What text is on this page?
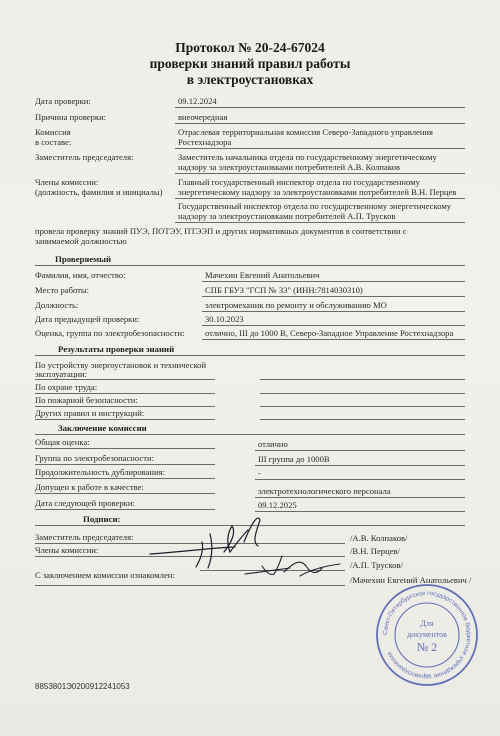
Протокол № 20-24-67024
проверки знаний правил работы
в электроустановках
Дата проверки:	09.12.2024
Причина проверки:	внеочередная
Комиссия
в составе:
Отраслевая территориальная комиссия Северо-Западного управления
Ростехнадзора
Заместитель председателя:	Заместитель начальника отдела по государственному энергетическому
надзору за электроустановками потребителей А.В. Колпаков
Члены комиссии:
(должность, фамилия и инициалы)
Главный государственный инспектор отдела по государственному
энергетическому надзору за электроустановками потребителей В.Н. Перцев
Государственный инспектор отдела по государственному энергетическому
надзору за электроустановками потребителей А.П. Трусков
провела проверку знаний ПУЭ, ПОТЭУ, ПТЭЭП и других нормативных документов в соответствии с
занимаемой должностью
Проверяемый
Фамилия, имя, отчество:	Мачехин Евгений Анатольевич
Место работы:	СПБ ГБУЗ "ГСП № 33" (ИНН:7814030310)
Должность:	электромеханик по ремонту и обслуживанию МО
Дата предыдущей проверки:	30.10.2023
Оценка, группа по электробезопасности: отлично, III до 1000 В, Северо-Западное Управление Ростехнадзора
Результаты проверки знаний
По устройству энергоустановок и технической
эксплуатации:
По охране труда:
По пожарной безопасности:
Других правил и инструкций:
Заключение комиссии
Общая оценка:	отлично
Группа по электробезопасности:	III группа до 1000В
Продолжительность дублирования:	-
Допущен к работе в качестве:	электротехнологического персонала
Дата следующей проверки:	09.12.2025
Подписи:
Заместитель председателя:	/А.В. Колпаков/
Члены комиссии:	/В.Н. Перцев/
/А.П. Трусков/
С заключением комиссии ознакомлен:	/Мачехин Евгений Анатольевич /
Санкт-Петербургское государственное бюджетное учреждение здравоохранения
Для
документов
№ 2
8853801Э0200912241053
